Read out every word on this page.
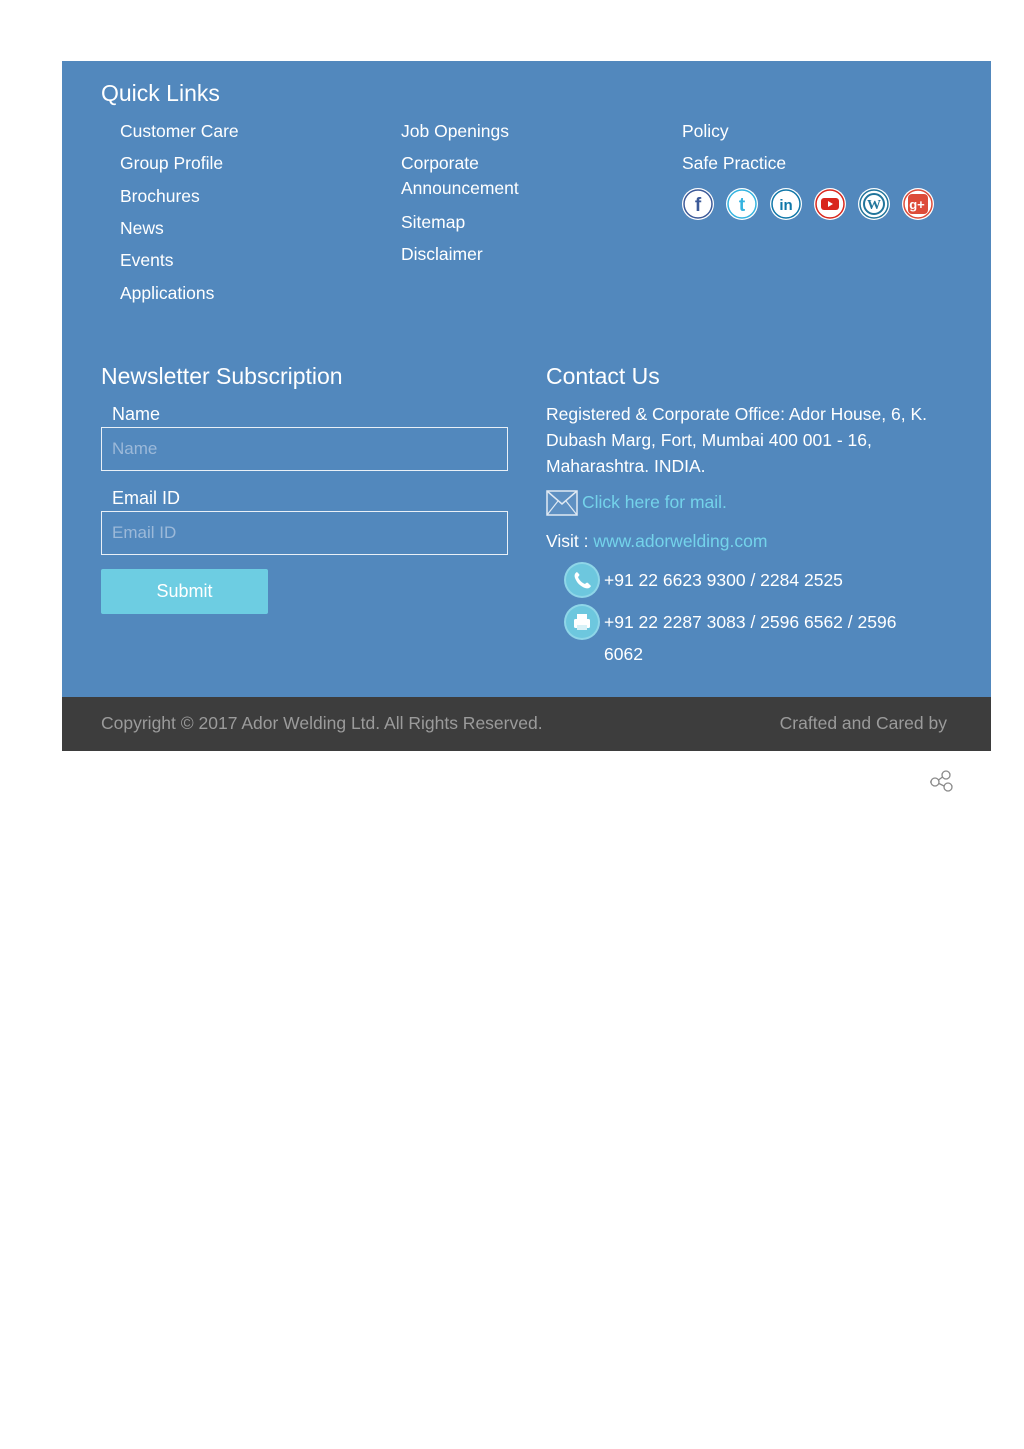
Quick Links
Customer Care
Group Profile
Brochures
News
Events
Applications
Job Openings
Corporate
Announcement
Sitemap
Disclaimer
Policy
Safe Practice
f t in	W g+
Newsletter Subscription
Name
Name
Email ID
Email ID
Submit
Contact Us
Registered & Corporate Office: Ador House, 6, K.
Dubash Marg, Fort, Mumbai 400 001 - 16,
Maharashtra. INDIA.
Click here for mail.
Visit : www.adorwelding.com
+91 22 6623 9300 / 2284 2525
+91 22 2287 3083 / 2596 6562 / 2596
6062
Copyright © 2017 Ador Welding Ltd. All Rights Reserved.	Crafted and Cared by
